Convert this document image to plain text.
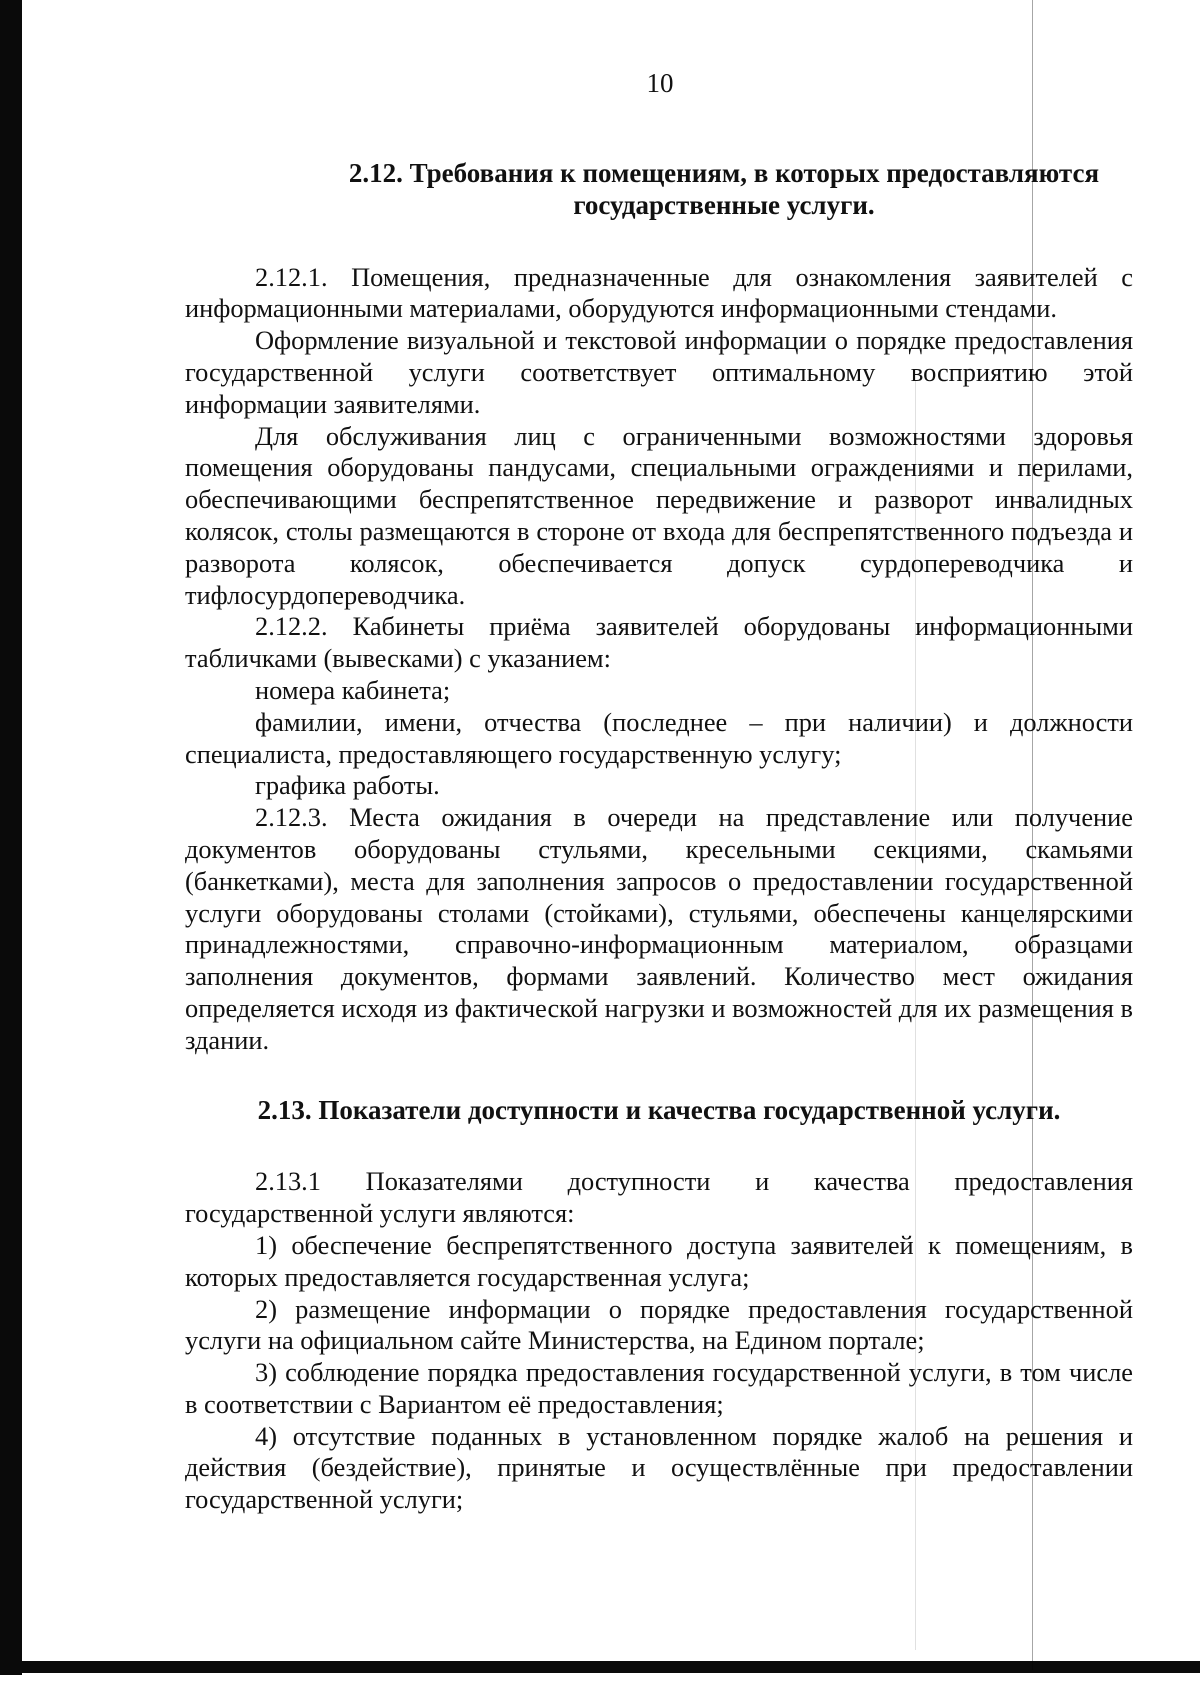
10

2.12. Требования к помещениям, в которых предоставляются

государственные услуги.

2.12.1. Помещения, предназначенные для ознакомления заявителей с информационными материалами, оборудуются информационными стендами.

Оформление визуальной и текстовой информации о порядке предоставления государственной услуги соответствует оптимальному восприятию этой информации заявителями.

Для обслуживания лиц с ограниченными возможностями здоровья помещения оборудованы пандусами, специальными ограждениями и перилами, обеспечивающими беспрепятственное передвижение и разворот инвалидных колясок, столы размещаются в стороне от входа для беспрепятственного подъезда и разворота колясок, обеспечивается допуск сурдопереводчика и тифлосурдопереводчика.

2.12.2. Кабинеты приёма заявителей оборудованы информационными табличками (вывесками) с указанием:

номера кабинета;

фамилии, имени, отчества (последнее – при наличии) и должности специалиста, предоставляющего государственную услугу;

графика работы.

2.12.3. Места ожидания в очереди на представление или получение документов оборудованы стульями, кресельными секциями, скамьями (банкетками), места для заполнения запросов о предоставлении государственной услуги оборудованы столами (стойками), стульями, обеспечены канцелярскими принадлежностями, справочно-информационным материалом, образцами заполнения документов, формами заявлений. Количество мест ожидания определяется исходя из фактической нагрузки и возможностей для их размещения в здании.

2.13. Показатели доступности и качества государственной услуги.

2.13.1 Показателями доступности и качества предоставления государственной услуги являются:

1) обеспечение беспрепятственного доступа заявителей к помещениям, в которых предоставляется государственная услуга;

2) размещение информации о порядке предоставления государственной услуги на официальном сайте Министерства, на Едином портале;

3) соблюдение порядка предоставления государственной услуги, в том числе в соответствии с Вариантом её предоставления;

4) отсутствие поданных в установленном порядке жалоб на решения и действия (бездействие), принятые и осуществлённые при предоставлении государственной услуги;
